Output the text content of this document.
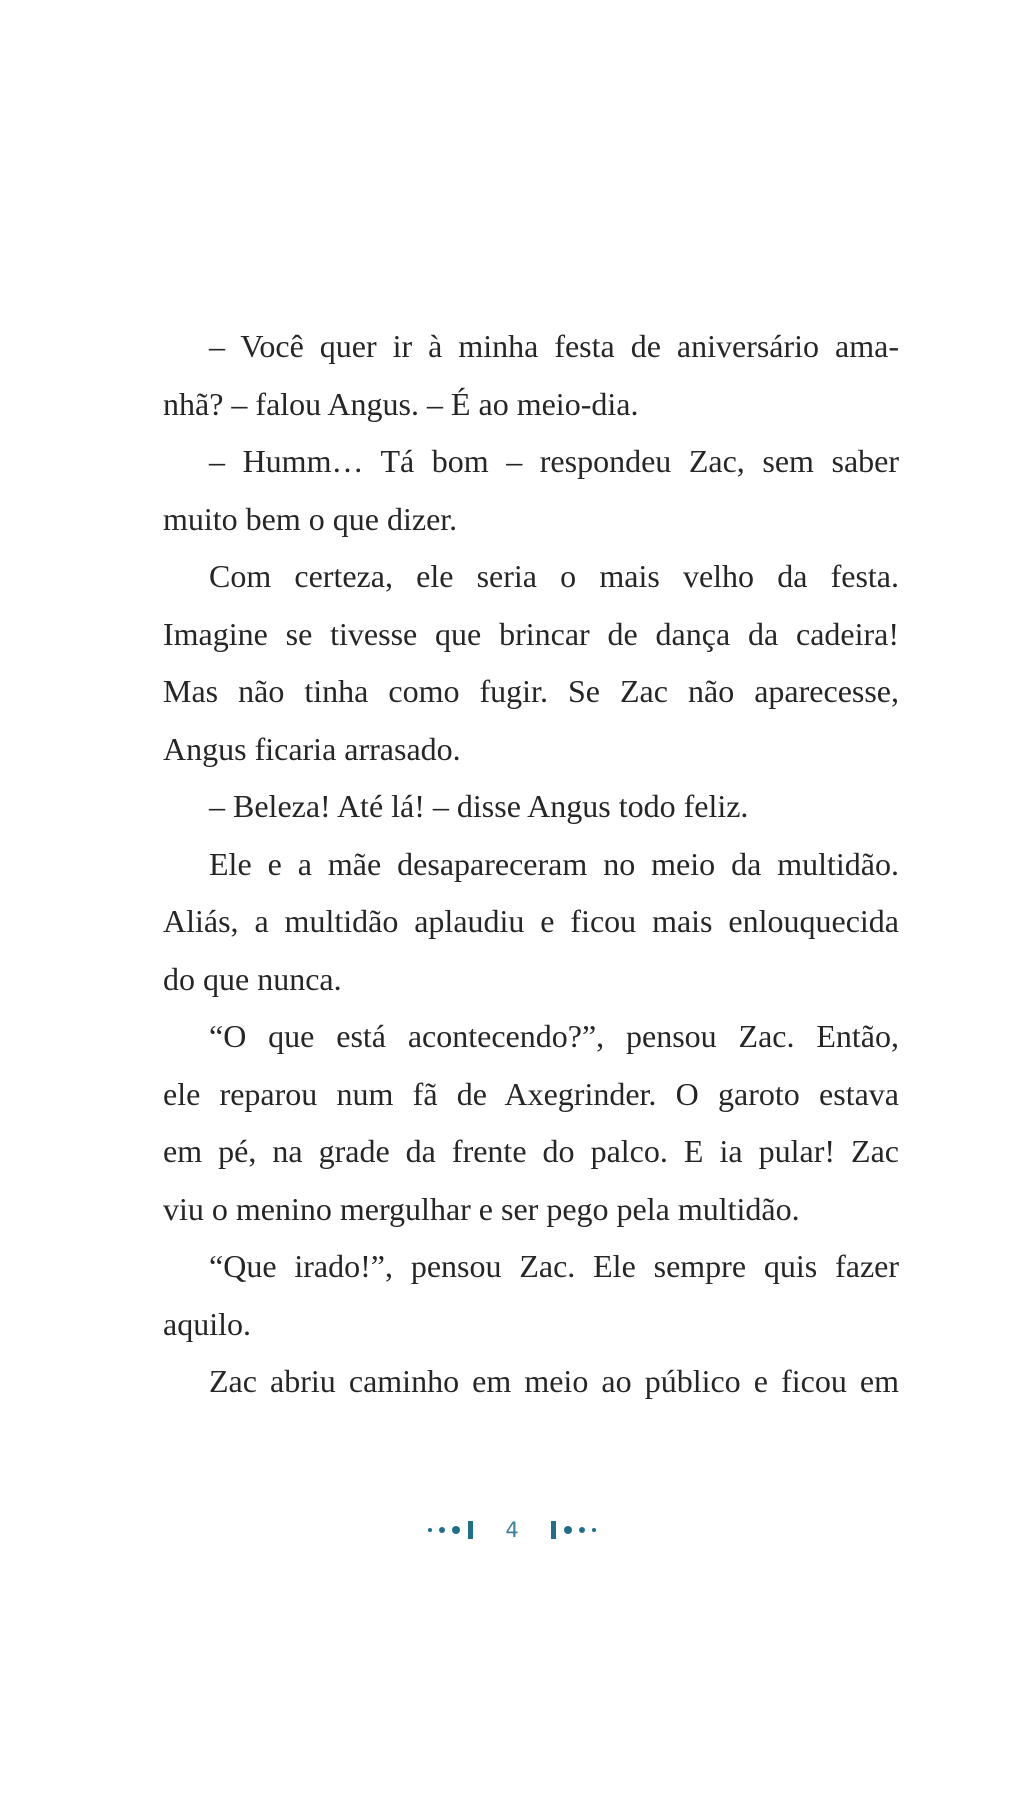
– Você quer ir à minha festa de aniversário ama-
nhã? – falou Angus. – É ao meio-dia.

– Humm… Tá bom – respondeu Zac, sem saber
muito bem o que dizer.

Com certeza, ele seria o mais velho da festa.
Imagine se tivesse que brincar de dança da cadeira!
Mas não tinha como fugir. Se Zac não aparecesse,
Angus ficaria arrasado.

– Beleza! Até lá! – disse Angus todo feliz.

Ele e a mãe desapareceram no meio da multidão.
Aliás, a multidão aplaudiu e ficou mais enlouquecida
do que nunca.

“O que está acontecendo?”, pensou Zac. Então,
ele reparou num fã de Axegrinder. O garoto estava
em pé, na grade da frente do palco. E ia pular! Zac
viu o menino mergulhar e ser pego pela multidão.

“Que irado!”, pensou Zac. Ele sempre quis fazer
aquilo.

Zac abriu caminho em meio ao público e ficou em

4
